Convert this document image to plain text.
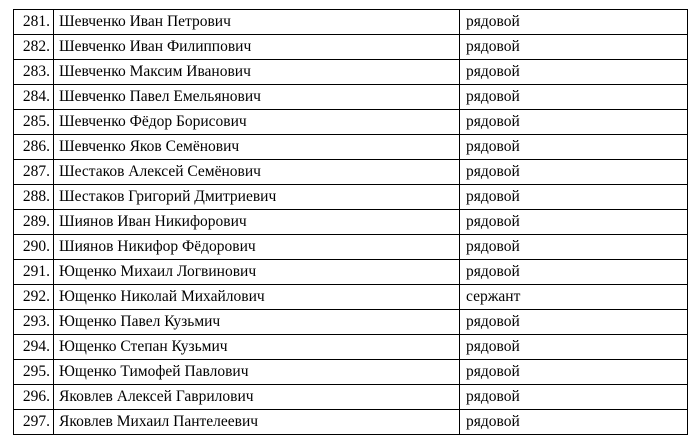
281.	Шевченко Иван Петрович	рядовой
282.	Шевченко Иван Филиппович	рядовой
283.	Шевченко Максим Иванович	рядовой
284.	Шевченко Павел Емельянович	рядовой
285.	Шевченко Фёдор Борисович	рядовой
286.	Шевченко Яков Семёнович	рядовой
287.	Шестаков Алексей Семёнович	рядовой
288.	Шестаков Григорий Дмитриевич	рядовой
289.	Шиянов Иван Никифорович	рядовой
290.	Шиянов Никифор Фёдорович	рядовой
291.	Ющенко Михаил Логвинович	рядовой
292.	Ющенко Николай Михайлович	сержант
293.	Ющенко Павел Кузьмич	рядовой
294.	Ющенко Степан Кузьмич	рядовой
295.	Ющенко Тимофей Павлович	рядовой
296.	Яковлев Алексей Гаврилович	рядовой
297.	Яковлев Михаил Пантелеевич	рядовой
